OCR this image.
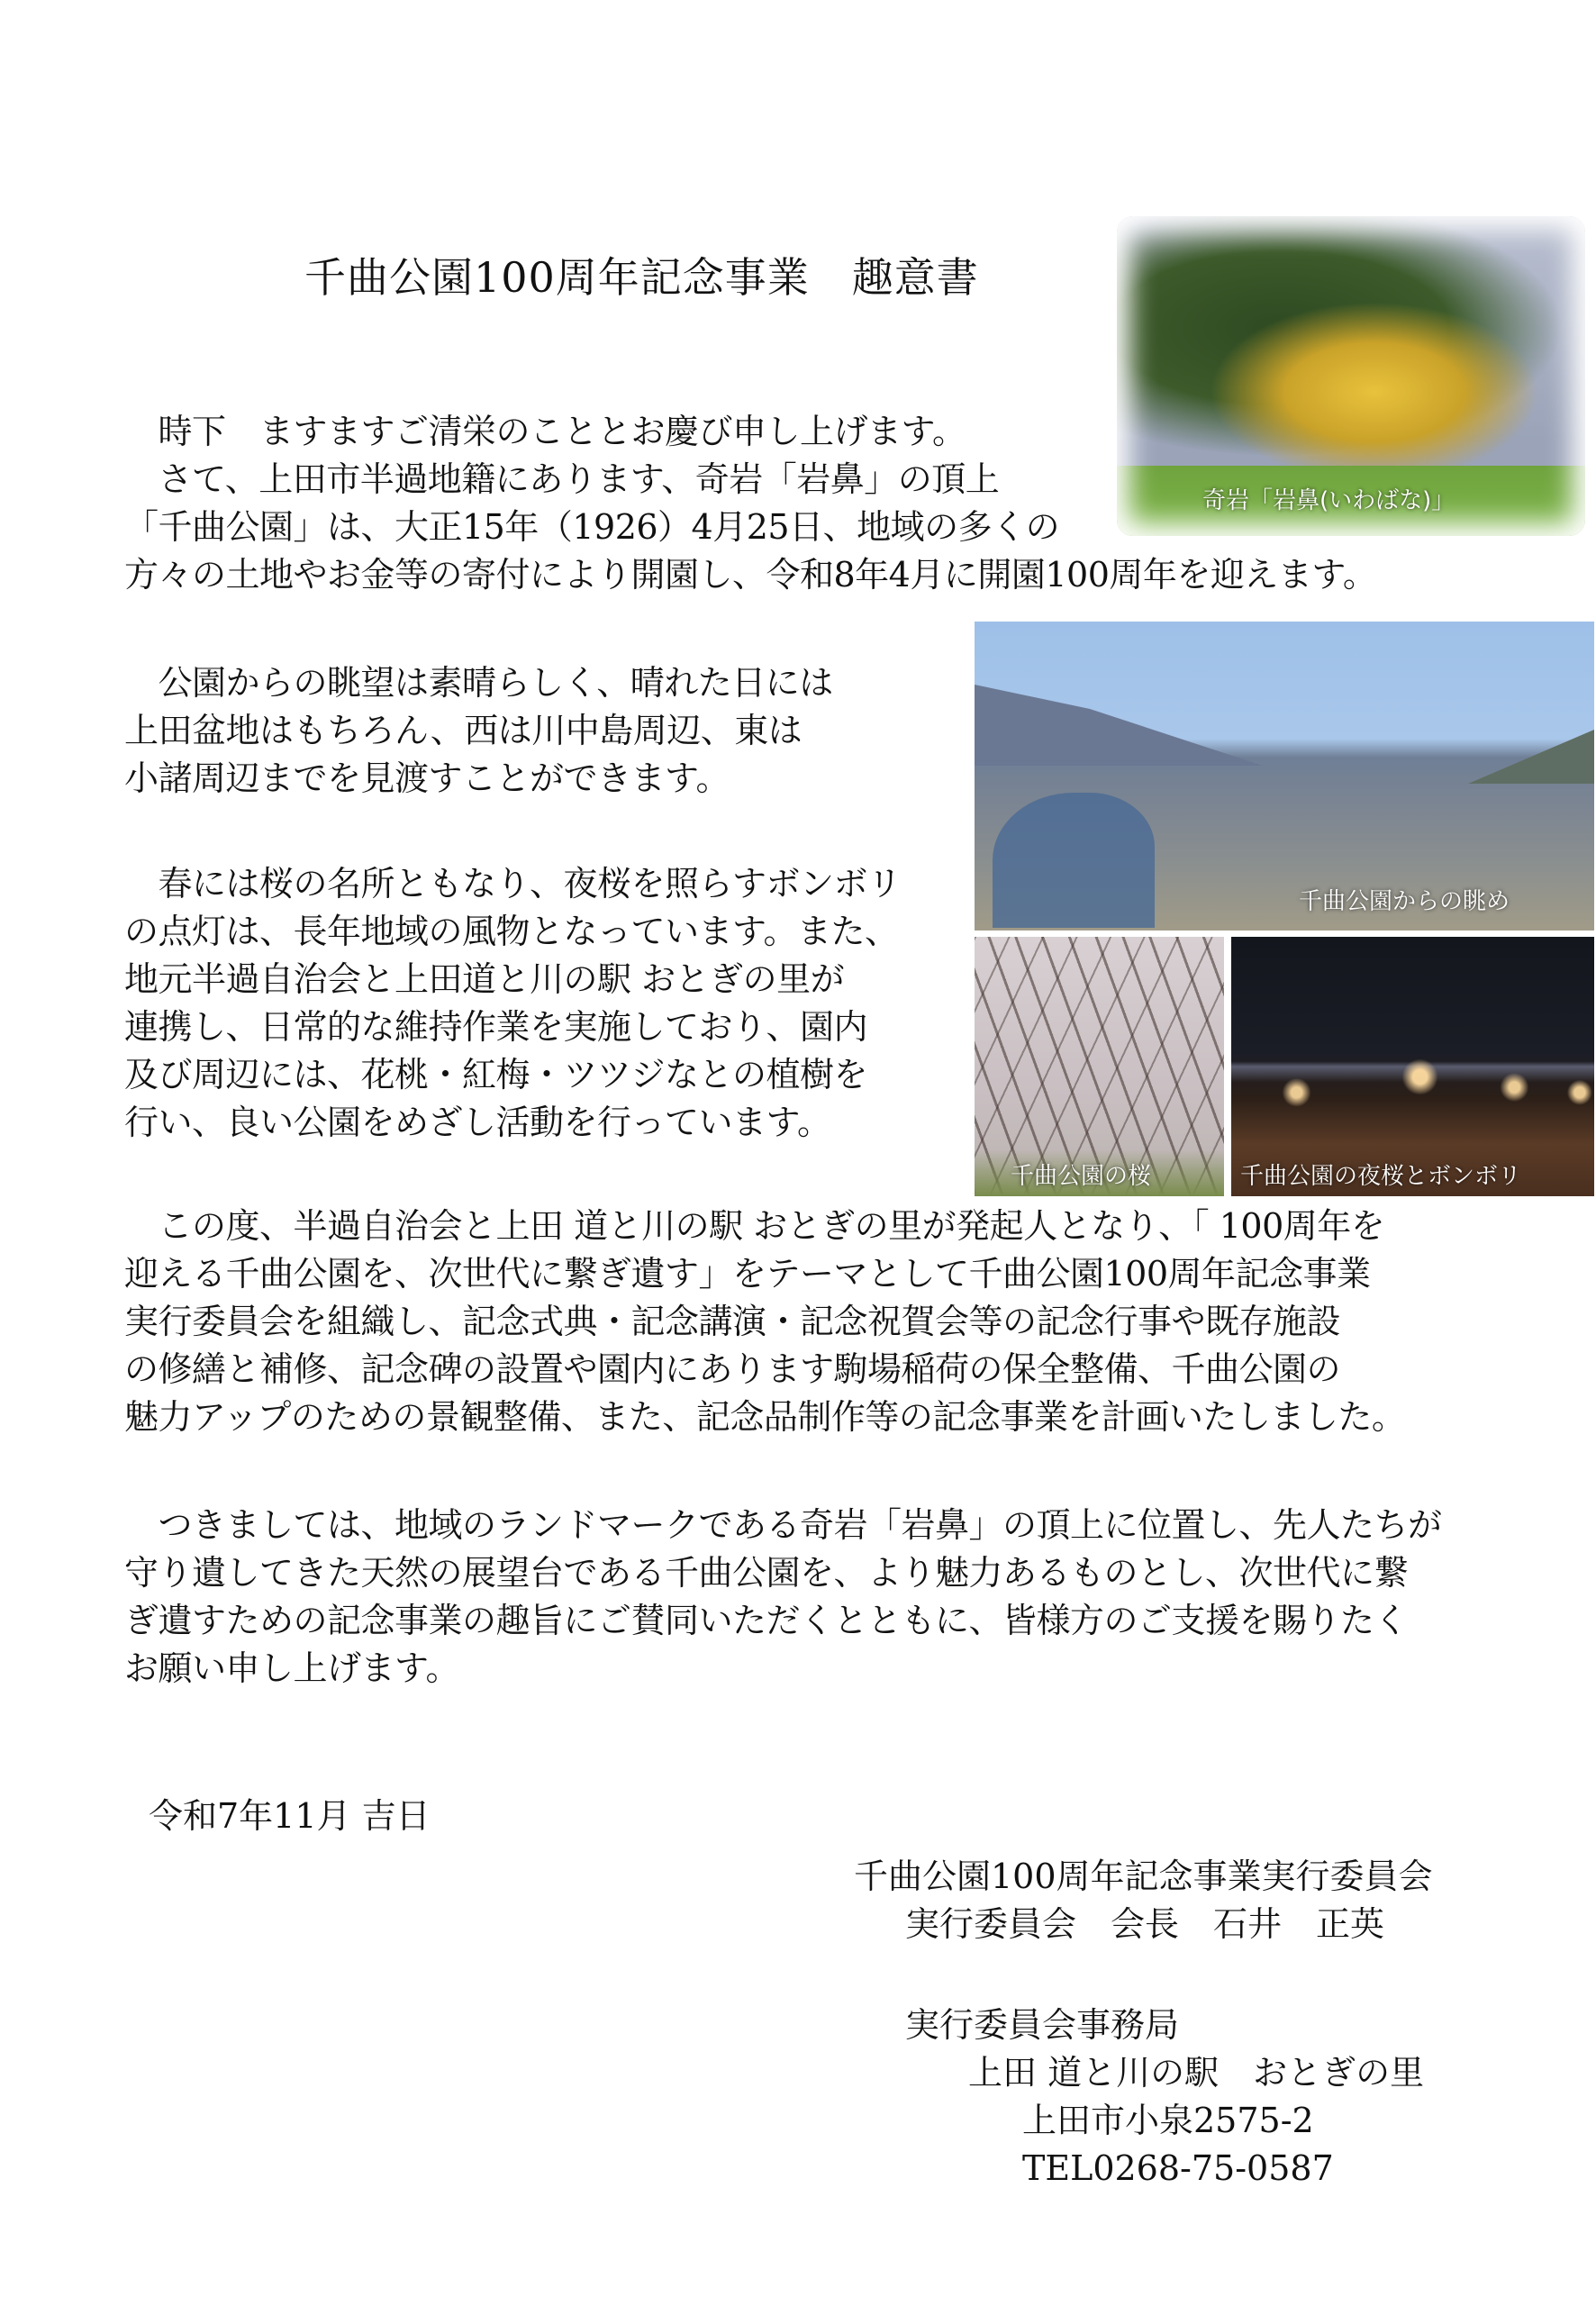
千曲公園100周年記念事業　趣意書
奇岩「岩鼻(いわばな)」
千曲公園からの眺め
千曲公園の桜	千曲公園の夜桜とボンボリ
　時下　ますますご清栄のこととお慶び申し上げます。
　さて、上田市半過地籍にあります、奇岩「岩鼻」の頂上
「千曲公園」は、大正15年（1926）4月25日、地域の多くの
方々の土地やお金等の寄付により開園し、令和8年4月に開園100周年を迎えます。
　公園からの眺望は素晴らしく、晴れた日には
上田盆地はもちろん、西は川中島周辺、東は
小諸周辺までを見渡すことができます。
　春には桜の名所ともなり、夜桜を照らすボンボリ
の点灯は、長年地域の風物となっています。また、
地元半過自治会と上田道と川の駅 おとぎの里が
連携し、日常的な維持作業を実施しており、園内
及び周辺には、花桃・紅梅・ツツジなとの植樹を
行い、良い公園をめざし活動を行っています。
　この度、半過自治会と上田 道と川の駅 おとぎの里が発起人となり、「 100周年を
迎える千曲公園を、次世代に繋ぎ遺す」をテーマとして千曲公園100周年記念事業
実行委員会を組織し、記念式典・記念講演・記念祝賀会等の記念行事や既存施設
の修繕と補修、記念碑の設置や園内にあります駒場稲荷の保全整備、千曲公園の
魅力アップのための景観整備、また、記念品制作等の記念事業を計画いたしました。
　つきましては、地域のランドマークである奇岩「岩鼻」の頂上に位置し、先人たちが
守り遺してきた天然の展望台である千曲公園を、より魅力あるものとし、次世代に繋
ぎ遺すための記念事業の趣旨にご賛同いただくとともに、皆様方のご支援を賜りたく
お願い申し上げます。
令和7年11月 吉日
千曲公園100周年記念事業実行委員会
実行委員会　会長　石井　正英
実行委員会事務局
上田 道と川の駅　おとぎの里
上田市小泉2575-2
TEL0268-75-0587
